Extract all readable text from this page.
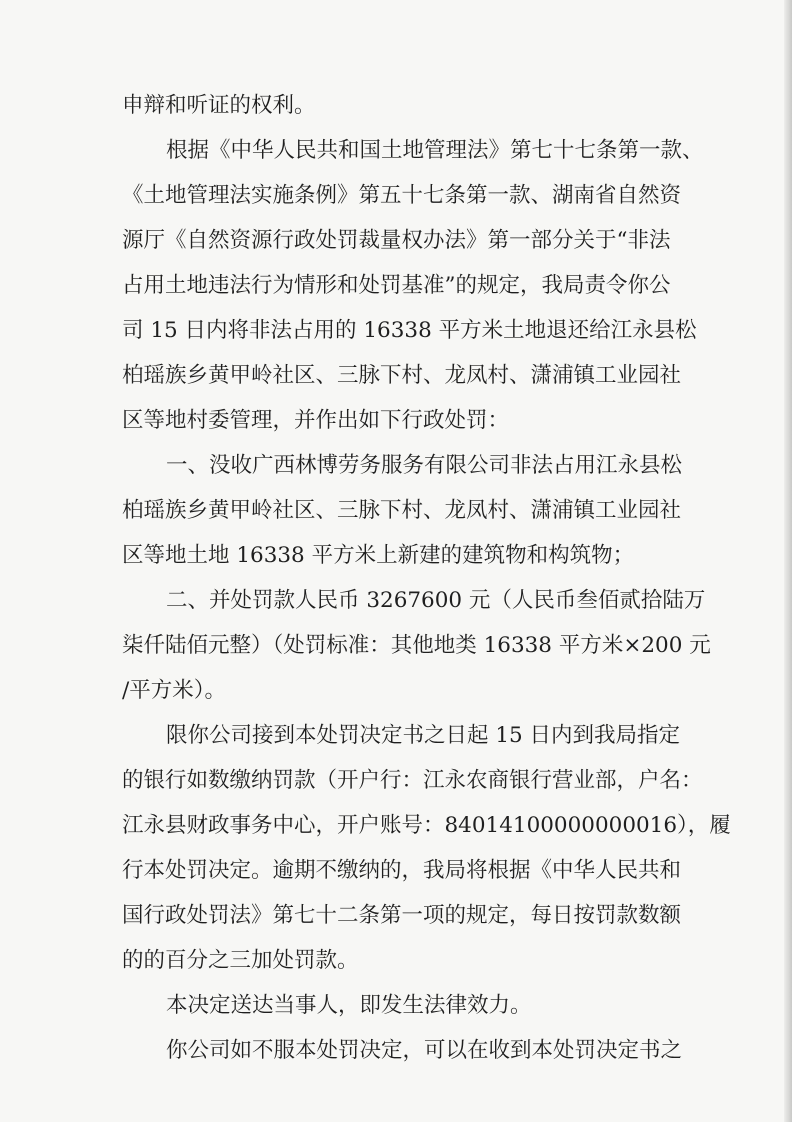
申辩和听证的权利。
根据《中华人民共和国土地管理法》第七十七条第一款、
《土地管理法实施条例》第五十七条第一款、湖南省自然资
源厅《自然资源行政处罚裁量权办法》第一部分关于“非法
占用土地违法行为情形和处罚基准”的规定，我局责令你公
司 15 日内将非法占用的 16338 平方米土地退还给江永县松
柏瑶族乡黄甲岭社区、三脉下村、龙凤村、潇浦镇工业园社
区等地村委管理，并作出如下行政处罚：
一、没收广西林博劳务服务有限公司非法占用江永县松
柏瑶族乡黄甲岭社区、三脉下村、龙凤村、潇浦镇工业园社
区等地土地 16338 平方米上新建的建筑物和构筑物；
二、并处罚款人民币 3267600 元（人民币叁佰贰拾陆万
柒仟陆佰元整）（处罚标准：其他地类 16338 平方米×200 元
/平方米）。
限你公司接到本处罚决定书之日起 15 日内到我局指定
的银行如数缴纳罚款（开户行：江永农商银行营业部，户名：
江永县财政事务中心，开户账号：84014100000000016），履
行本处罚决定。逾期不缴纳的，我局将根据《中华人民共和
国行政处罚法》第七十二条第一项的规定，每日按罚款数额
的的百分之三加处罚款。
本决定送达当事人，即发生法律效力。
你公司如不服本处罚决定，可以在收到本处罚决定书之
